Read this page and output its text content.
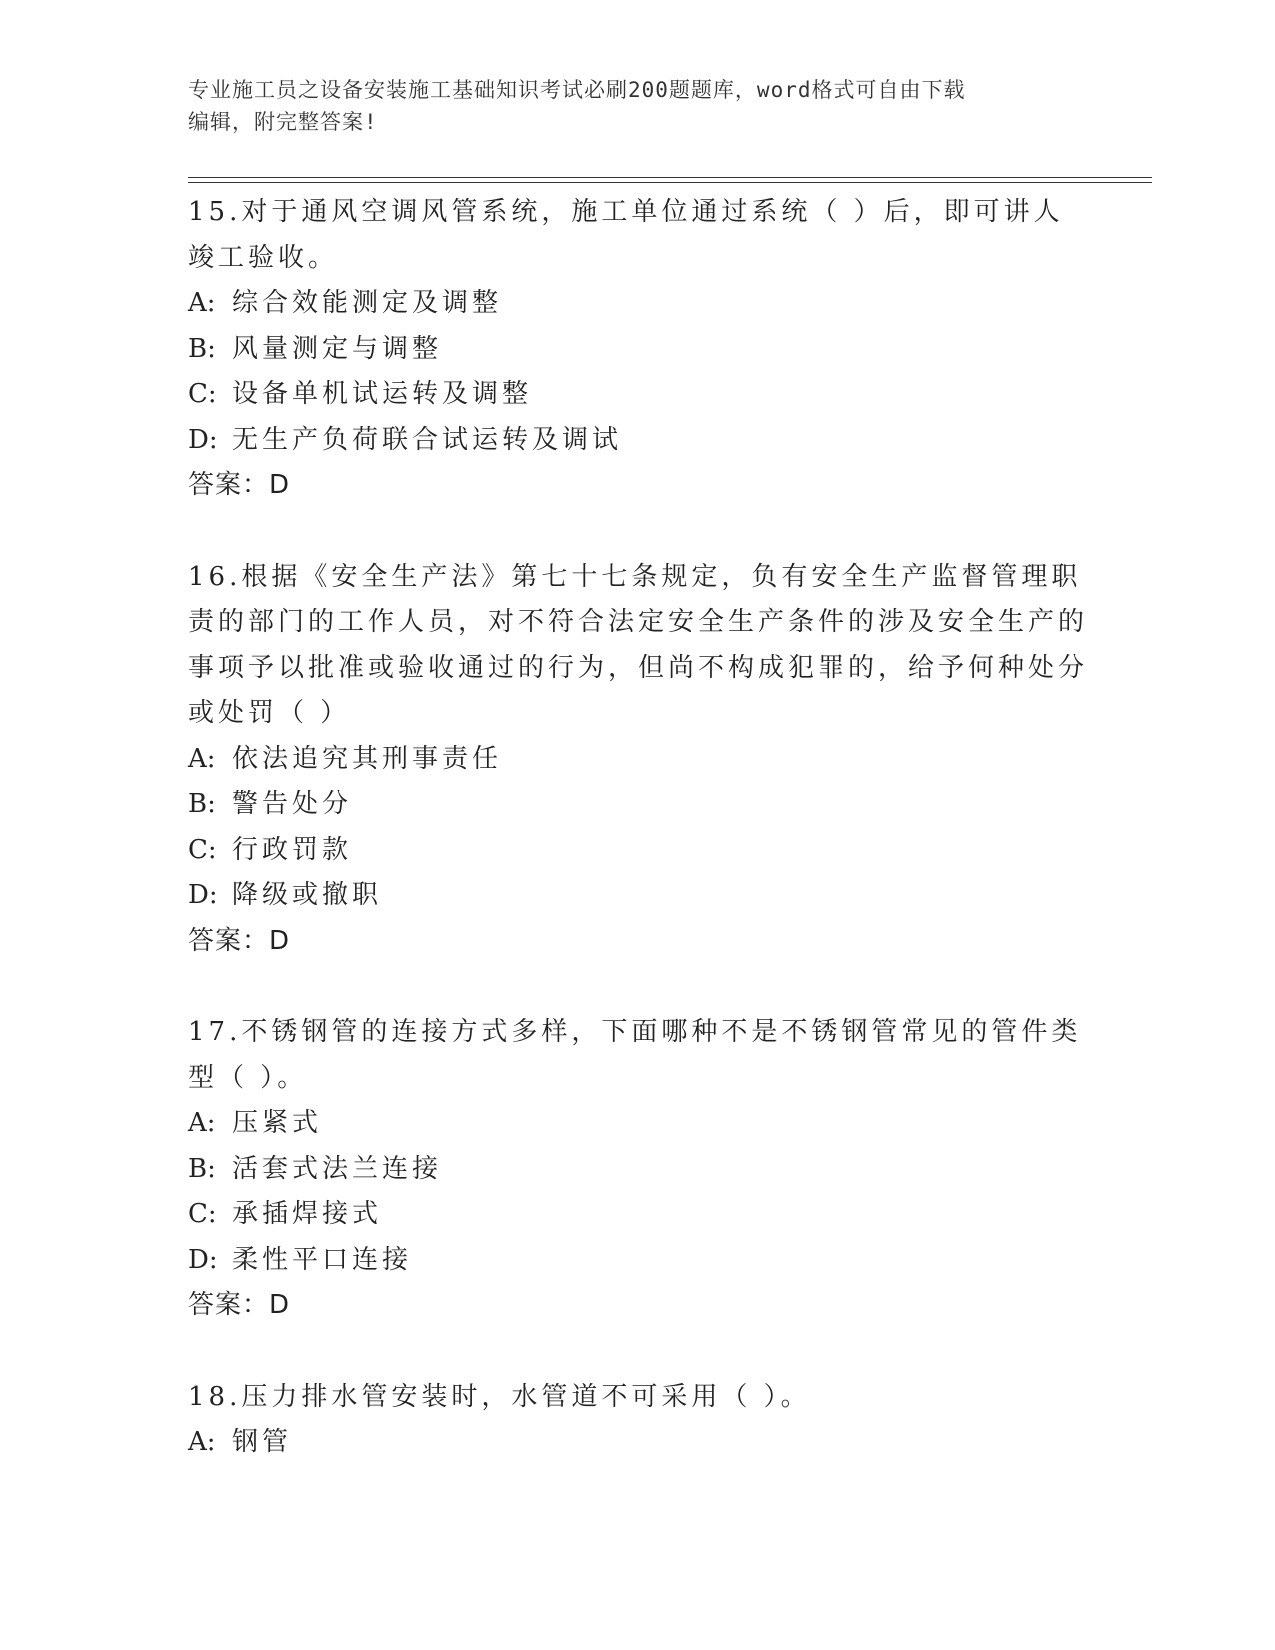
专业施工员之设备安装施工基础知识考试必刷200题题库，word格式可自由下载
编辑，附完整答案!

15.对于通风空调风管系统，施工单位通过系统（ ）后，即可讲人竣工验收。

A: 综合效能测定及调整
B: 风量测定与调整
C: 设备单机试运转及调整
D: 无生产负荷联合试运转及调试
答案：D

16.根据《安全生产法》第七十七条规定，负有安全生产监督管理职责的部门的工作人员，对不符合法定安全生产条件的涉及安全生产的事项予以批准或验收通过的行为，但尚不构成犯罪的，给予何种处分或处罚（ ）

A: 依法追究其刑事责任
B: 警告处分
C: 行政罚款
D: 降级或撤职
答案：D

17.不锈钢管的连接方式多样，下面哪种不是不锈钢管常见的管件类型（ ）。

A: 压紧式
B: 活套式法兰连接
C: 承插焊接式
D: 柔性平口连接
答案：D

18.压力排水管安装时，水管道不可采用（ ）。

A: 钢管
